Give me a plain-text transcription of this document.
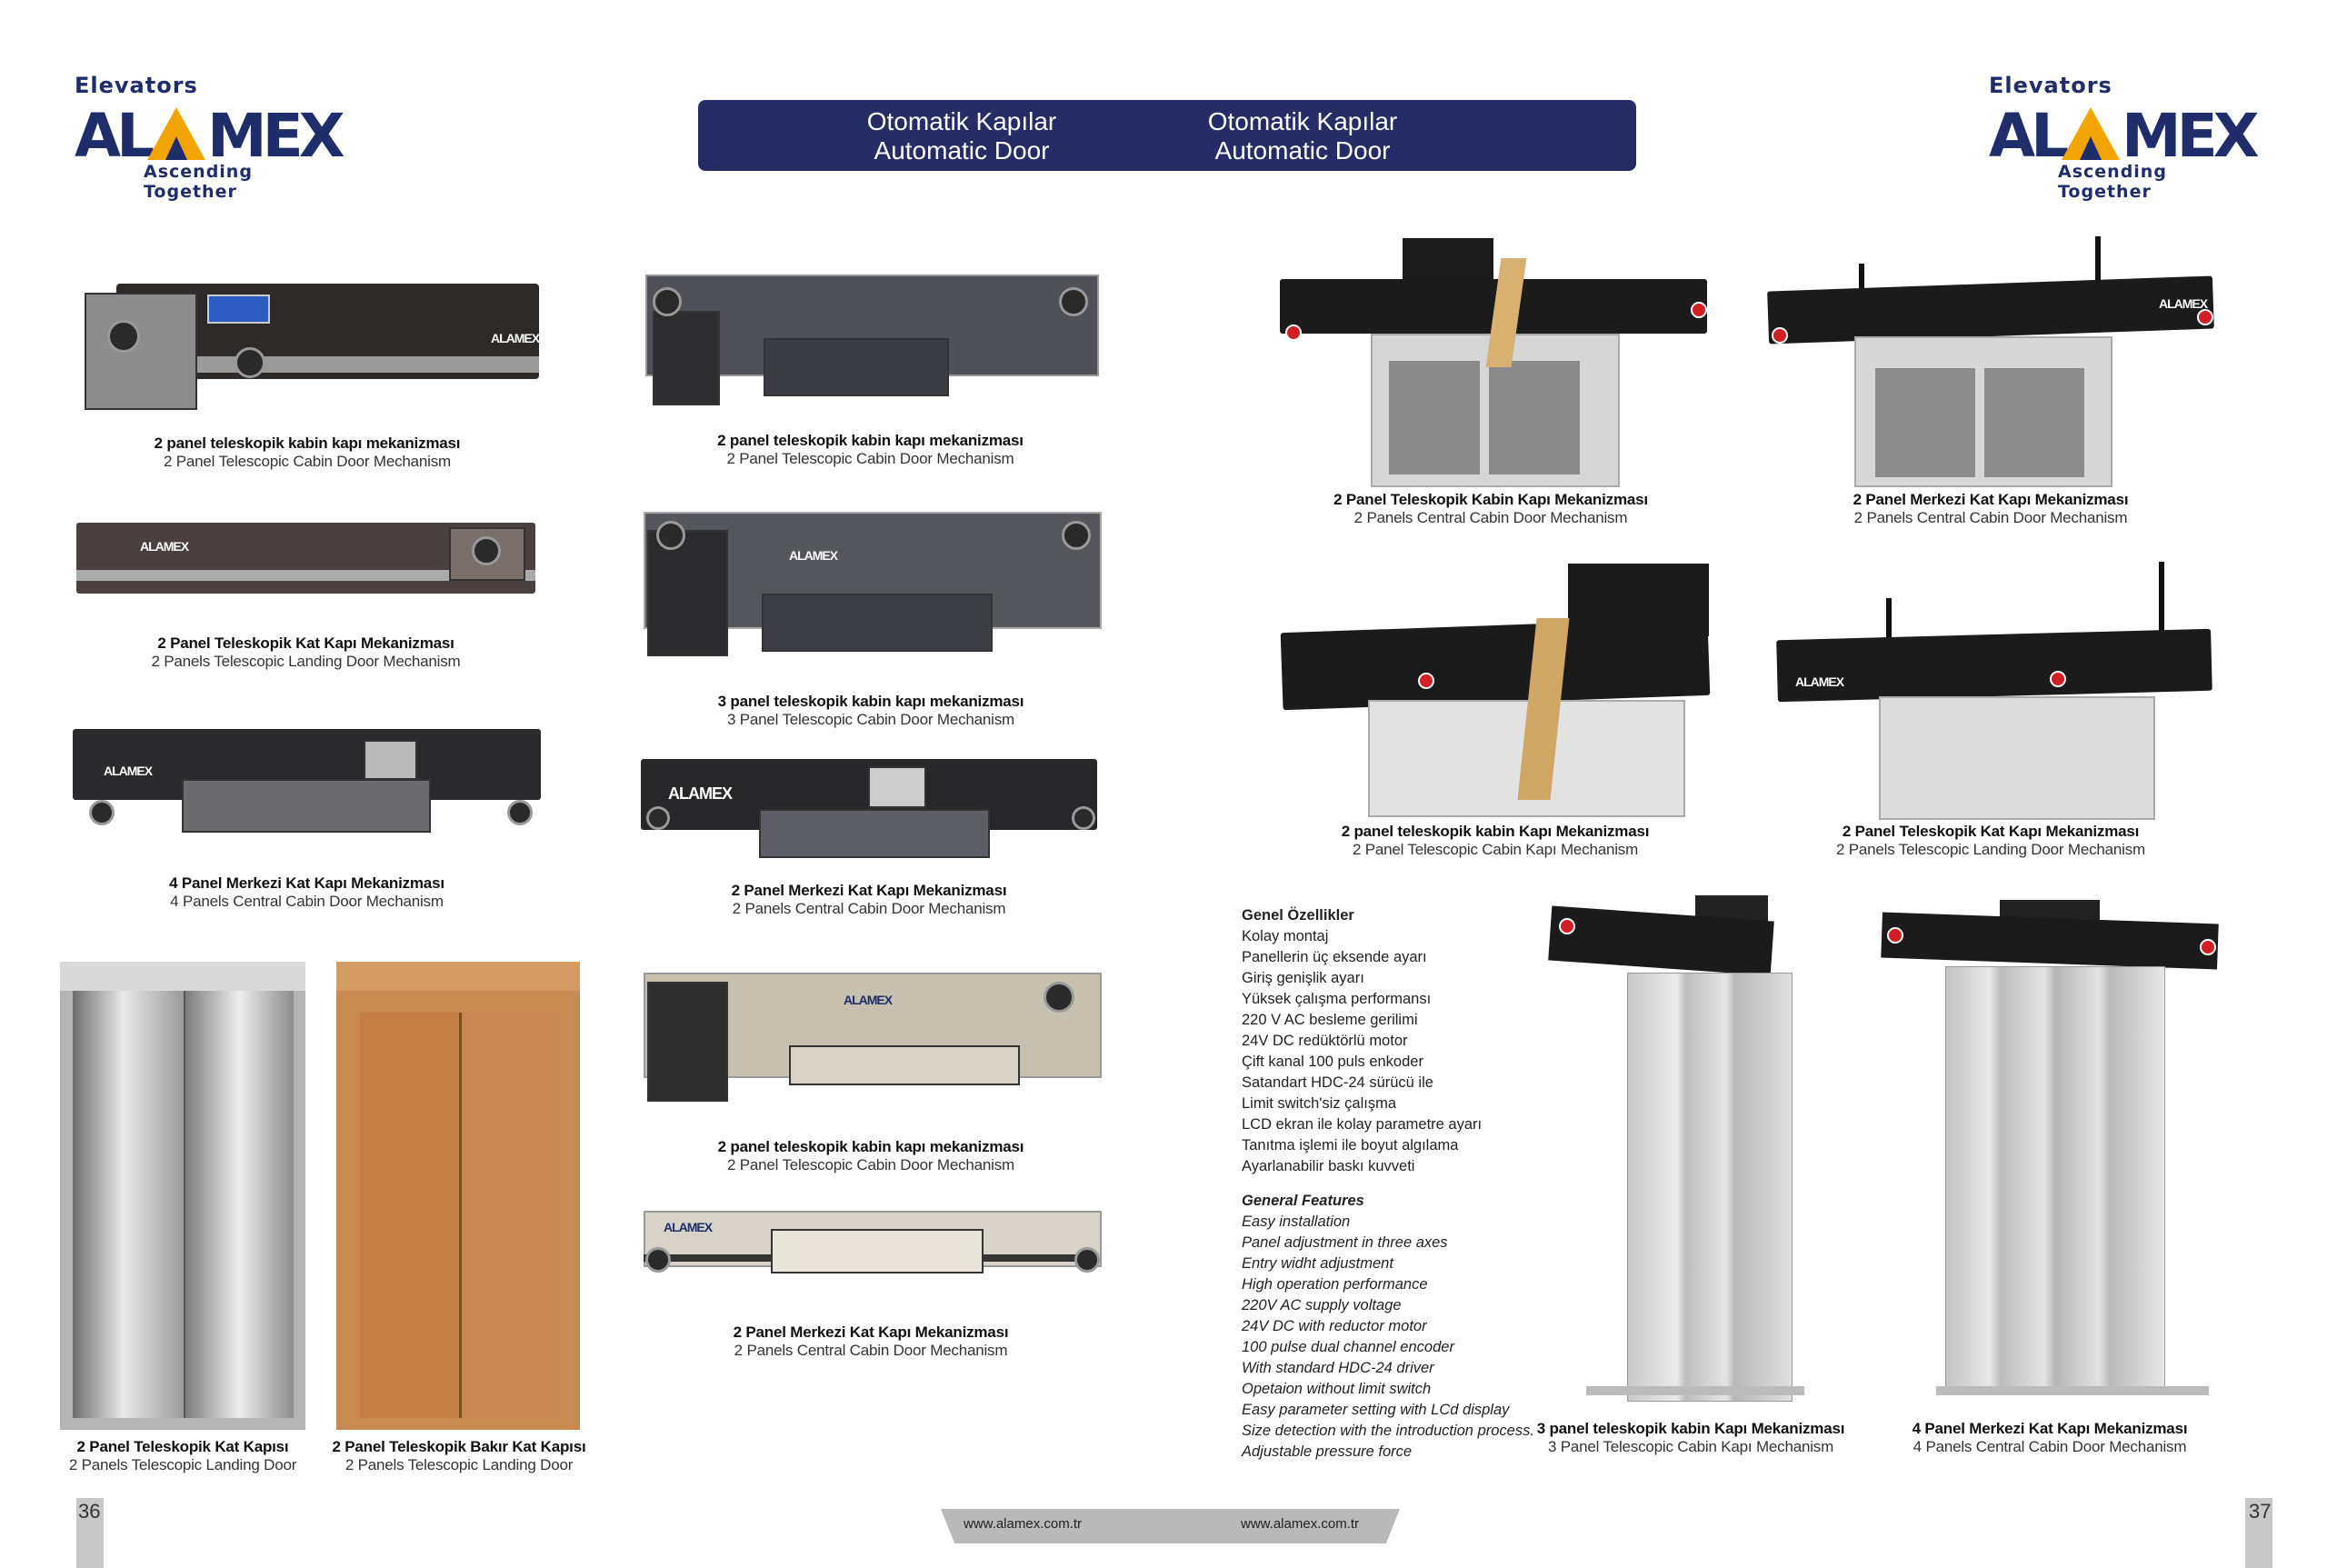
36	37
Elevators
AL MEX
Ascending Together
Elevators
AL MEX
Ascending Together
Otomatik Kapılar
Automatic Door
Otomatik Kapılar
Automatic Door
ALAMEX
2 panel teleskopik kabin kapı mekanizması
2 Panel Telescopic Cabin Door Mechanism
ALAMEX
2 Panel Teleskopik Kat Kapı Mekanizması
2 Panels Telescopic Landing Door Mechanism
ALAMEX
4 Panel Merkezi Kat Kapı Mekanizması
4 Panels Central Cabin Door Mechanism
2 Panel Teleskopik Kat Kapısı
2 Panels Telescopic Landing Door
2 Panel Teleskopik Bakır Kat Kapısı
2 Panels Telescopic Landing Door
2 panel teleskopik kabin kapı mekanizması
2 Panel Telescopic Cabin Door Mechanism
ALAMEX
3 panel teleskopik kabin kapı mekanizması
3 Panel Telescopic Cabin Door Mechanism
ALAMEX
2 Panel Merkezi Kat Kapı Mekanizması
2 Panels Central Cabin Door Mechanism
ALAMEX
2 panel teleskopik kabin kapı mekanizması
2 Panel Telescopic Cabin Door Mechanism
ALAMEX
2 Panel Merkezi Kat Kapı Mekanizması
2 Panels Central Cabin Door Mechanism
2 Panel Teleskopik Kabin Kapı Mekanizması
2 Panels Central Cabin Door Mechanism
ALAMEX
2 Panel Merkezi Kat Kapı Mekanizması
2 Panels Central Cabin Door Mechanism
2 panel teleskopik kabin Kapı Mekanizması
2 Panel Telescopic Cabin Kapı Mechanism
ALAMEX
2 Panel Teleskopik Kat Kapı Mekanizması
2 Panels Telescopic Landing Door Mechanism
Genel Özellikler
Kolay montaj
Panellerin üç eksende ayarı
Giriş genişlik ayarı
Yüksek çalışma performansı
220 V AC besleme gerilimi
24V DC redüktörlü motor
Çift kanal 100 puls enkoder
Satandart HDC-24 sürücü ile
Limit switch'siz çalışma
LCD ekran ile kolay parametre ayarı
Tanıtma işlemi ile boyut algılama
Ayarlanabilir baskı kuvveti
General Features
Easy installation
Panel adjustment in three axes
Entry widht adjustment
High operation performance
220V AC supply voltage
24V DC with reductor motor
100 pulse dual channel encoder
With standard HDC-24 driver
Opetaion without limit switch
Easy parameter setting with LCd display
Size detection with the introduction process.
Adjustable pressure force
3 panel teleskopik kabin Kapı Mekanizması
3 Panel Telescopic Cabin Kapı Mechanism
4 Panel Merkezi Kat Kapı Mekanizması
4 Panels Central Cabin Door Mechanism
www.alamex.com.tr	www.alamex.com.tr
